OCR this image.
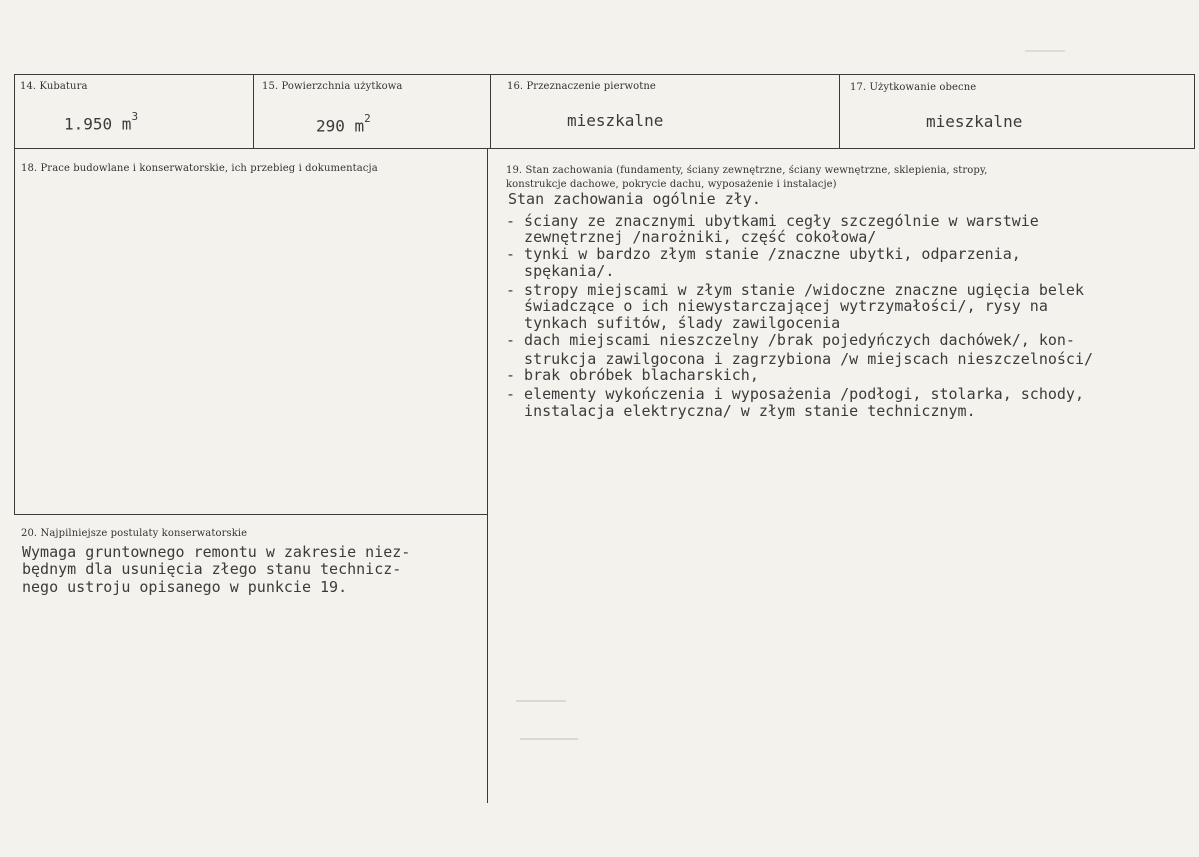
14. Kubatura
1.950 $m^3$
15. Powierzchnia użytkowa
290 $m^2$
16. Przeznaczenie pierwotne
mieszkalne
17. Użytkowanie obecne
mieszkalne
18. Prace budowlane i konserwatorskie, ich przebieg i dokumentacja	19. Stan zachowania (fundamenty, ściany zewnętrzne, ściany wewnętrzne, sklepienia, stropy,
konstrukcje dachowe, pokrycie dachu, wyposażenie i instalacje)
Stan zachowania ogólnie zły.
- ściany ze znacznymi ubytkami cegły szczególnie w warstwie
zewnętrznej /narożniki, część cokołowa/
- tynki w bardzo złym stanie /znaczne ubytki, odparzenia,
spękania/.
- stropy miejscami w złym stanie /widoczne znaczne ugięcia belek
świadczące o ich niewystarczającej wytrzymałości/, rysy na
tynkach sufitów, ślady zawilgocenia
- dach miejscami nieszczelny /brak pojedyńczych dachówek/, kon-
strukcja zawilgocona i zagrzybiona /w miejscach nieszczelności/
- brak obróbek blacharskich,
- elementy wykończenia i wyposażenia /podłogi, stolarka, schody,
instalacja elektryczna/ w złym stanie technicznym.
20. Najpilniejsze postulaty konserwatorskie
Wymaga gruntownego remontu w zakresie niez-
będnym dla usunięcia złego stanu technicz-
nego ustroju opisanego w punkcie 19.
